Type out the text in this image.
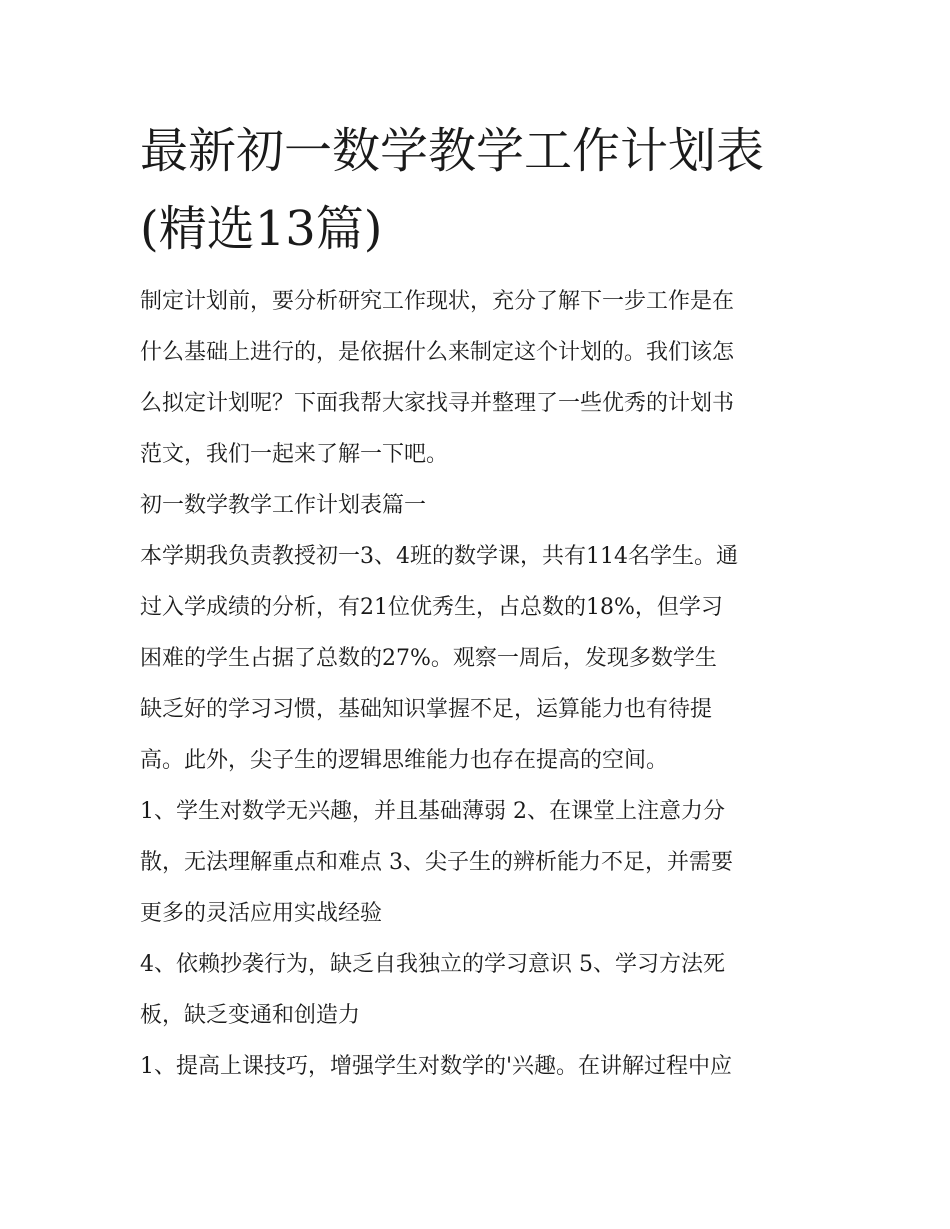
最新初一数学教学工作计划表
(精选13篇)
制定计划前，要分析研究工作现状，充分了解下一步工作是在
什么基础上进行的，是依据什么来制定这个计划的。我们该怎
么拟定计划呢？下面我帮大家找寻并整理了一些优秀的计划书
范文，我们一起来了解一下吧。
初一数学教学工作计划表篇一
本学期我负责教授初一3、4班的数学课，共有114名学生。通
过入学成绩的分析，有21位优秀生，占总数的18%，但学习
困难的学生占据了总数的27%。观察一周后，发现多数学生
缺乏好的学习习惯，基础知识掌握不足，运算能力也有待提
高。此外，尖子生的逻辑思维能力也存在提高的空间。
1、学生对数学无兴趣，并且基础薄弱 2、在课堂上注意力分
散，无法理解重点和难点 3、尖子生的辨析能力不足，并需要
更多的灵活应用实战经验
4、依赖抄袭行为，缺乏自我独立的学习意识 5、学习方法死
板，缺乏变通和创造力
1、提高上课技巧，增强学生对数学的'兴趣。在讲解过程中应
